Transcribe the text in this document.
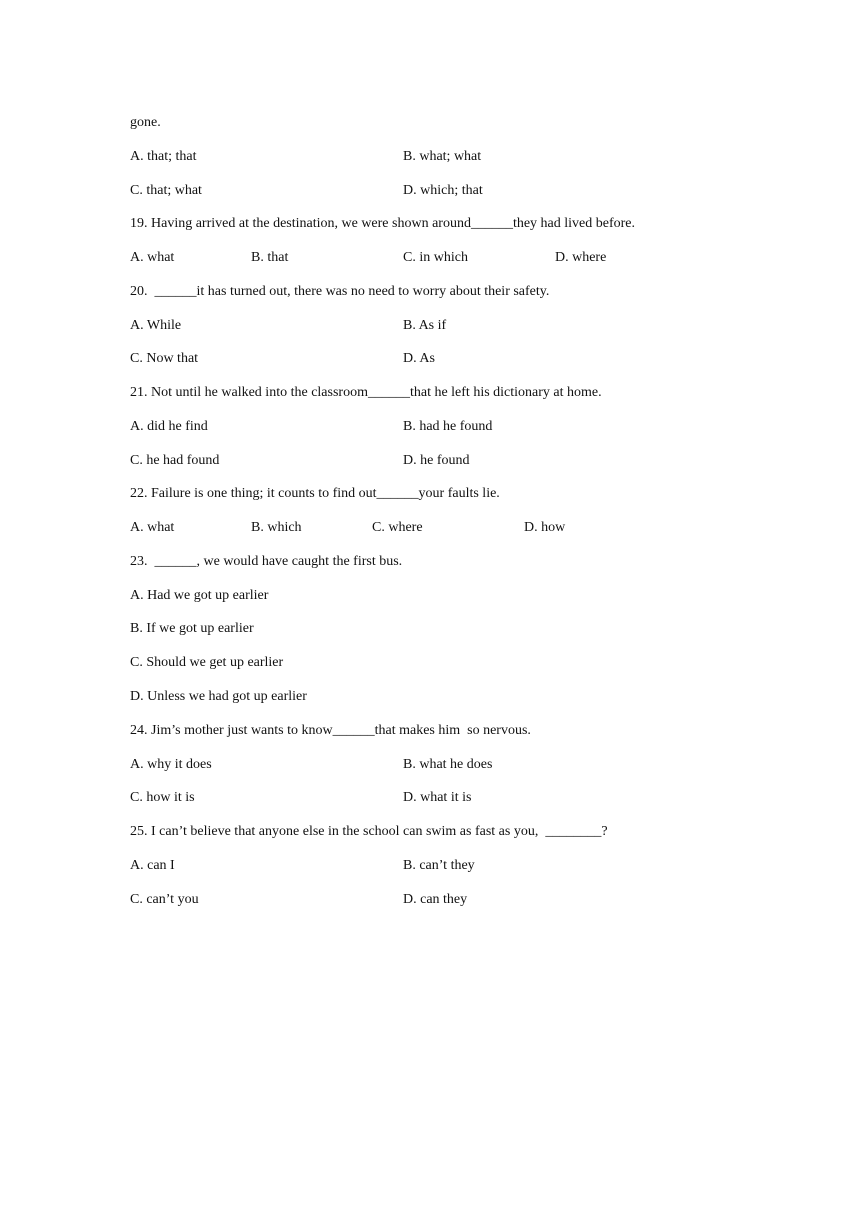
gone.
A. that; that	B. what; what
C. that; what	D. which; that
19. Having arrived at the destination, we were shown around______they had lived before.
A. what	B. that	C. in which	D. where
20.  ______it has turned out, there was no need to worry about their safety.
A. While	B. As if
C. Now that	D. As
21. Not until he walked into the classroom______that he left his dictionary at home.
A. did he find	B. had he found
C. he had found	D. he found
22. Failure is one thing; it counts to find out______your faults lie.
A. what	B. which	C. where	D. how
23.  ______, we would have caught the first bus.
A. Had we got up earlier
B. If we got up earlier
C. Should we get up earlier
D. Unless we had got up earlier
24. Jim’s mother just wants to know______that makes him  so nervous.
A. why it does	B. what he does
C. how it is	D. what it is
25. I can’t believe that anyone else in the school can swim as fast as you,  ________?
A. can I	B. can’t they
C. can’t you	D. can they
